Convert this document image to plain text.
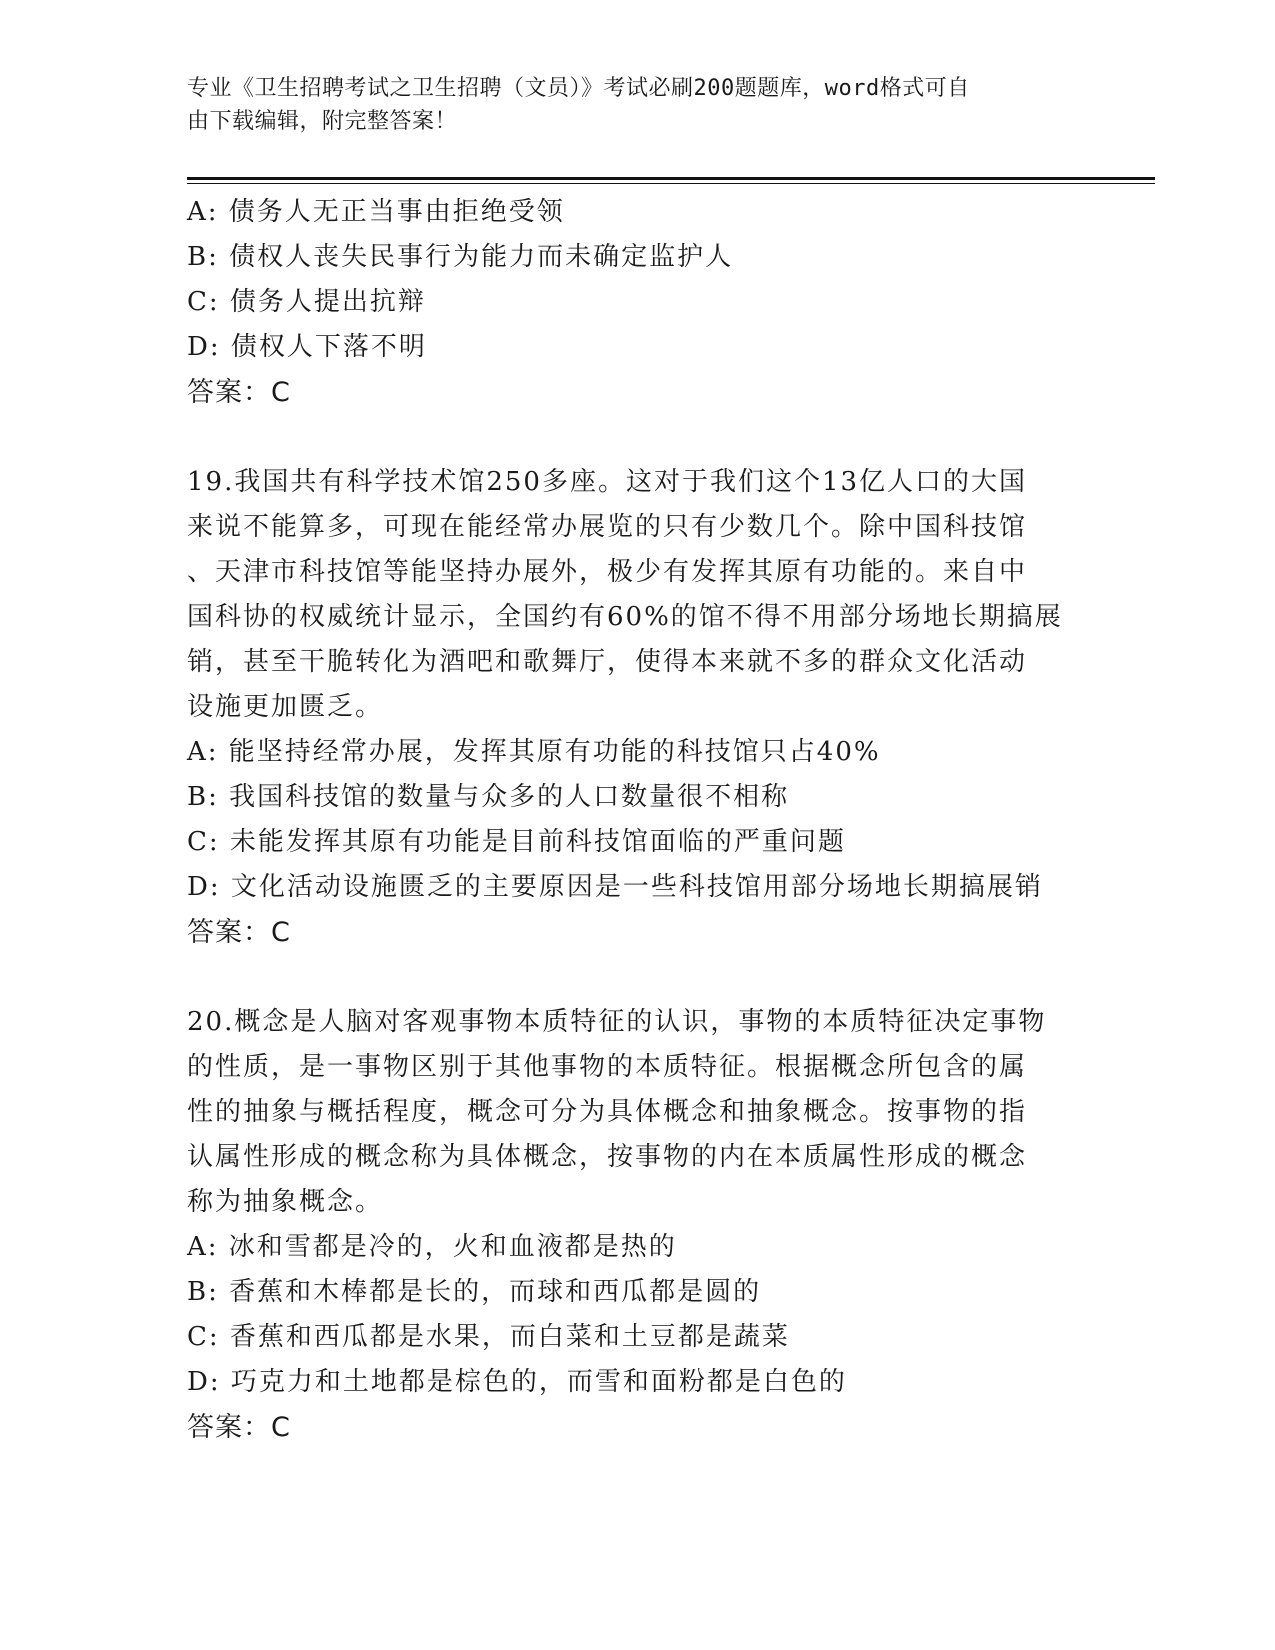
专业《卫生招聘考试之卫生招聘（文员）》考试必刷200题题库，word格式可自
由下载编辑，附完整答案！
A: 债务人无正当事由拒绝受领
B: 债权人丧失民事行为能力而未确定监护人
C: 债务人提出抗辩
D: 债权人下落不明
答案：C
19.我国共有科学技术馆250多座。这对于我们这个13亿人口的大国
来说不能算多，可现在能经常办展览的只有少数几个。除中国科技馆
、天津市科技馆等能坚持办展外，极少有发挥其原有功能的。来自中
国科协的权威统计显示，全国约有60%的馆不得不用部分场地长期搞展
销，甚至干脆转化为酒吧和歌舞厅，使得本来就不多的群众文化活动
设施更加匮乏。
A: 能坚持经常办展，发挥其原有功能的科技馆只占40%
B: 我国科技馆的数量与众多的人口数量很不相称
C: 未能发挥其原有功能是目前科技馆面临的严重问题
D: 文化活动设施匮乏的主要原因是一些科技馆用部分场地长期搞展销
答案：C
20.概念是人脑对客观事物本质特征的认识，事物的本质特征决定事物
的性质，是一事物区别于其他事物的本质特征。根据概念所包含的属
性的抽象与概括程度，概念可分为具体概念和抽象概念。按事物的指
认属性形成的概念称为具体概念，按事物的内在本质属性形成的概念
称为抽象概念。
A: 冰和雪都是冷的，火和血液都是热的
B: 香蕉和木棒都是长的，而球和西瓜都是圆的
C: 香蕉和西瓜都是水果，而白菜和土豆都是蔬菜
D: 巧克力和土地都是棕色的，而雪和面粉都是白色的
答案：C
